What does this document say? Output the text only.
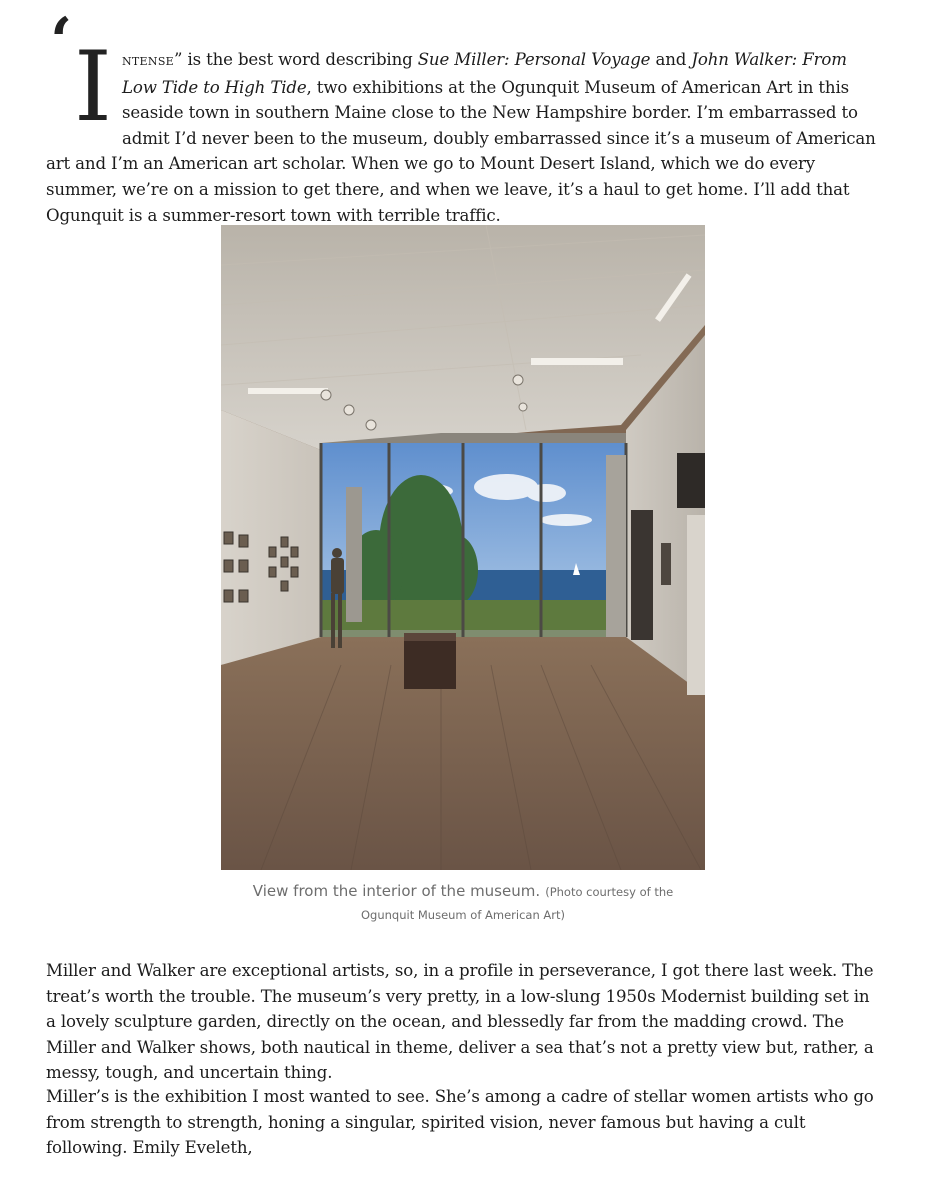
‘ I NTENSE” is the best word describing Sue Miller: Personal Voyage and John Walker: From Low Tide to High Tide, two exhibitions at the Ogunquit Museum of American Art in this seaside town in southern Maine close to the New Hampshire border. I’m embarrassed to admit I’d never been to the museum, doubly embarrassed since it’s a museum of American art and I’m an American art scholar. When we go to Mount Desert Island, which we do every summer, we’re on a mission to get there, and when we leave, it’s a haul to get home. I’ll add that Ogunquit is a summer-resort town with terrible traffic.

View from the interior of the museum. (Photo courtesy of the
Ogunquit Museum of American Art)

Miller and Walker are exceptional artists, so, in a profile in perseverance, I got there last week. The treat’s worth the trouble. The museum’s very pretty, in a low-slung 1950s Modernist building set in a lovely sculpture garden, directly on the ocean, and blessedly far from the madding crowd. The Miller and Walker shows, both nautical in theme, deliver a sea that’s not a pretty view but, rather, a messy, tough, and uncertain thing.

Miller’s is the exhibition I most wanted to see. She’s among a cadre of stellar women artists who go from strength to strength, honing a singular, spirited vision, never famous but having a cult following. Emily Eveleth,
